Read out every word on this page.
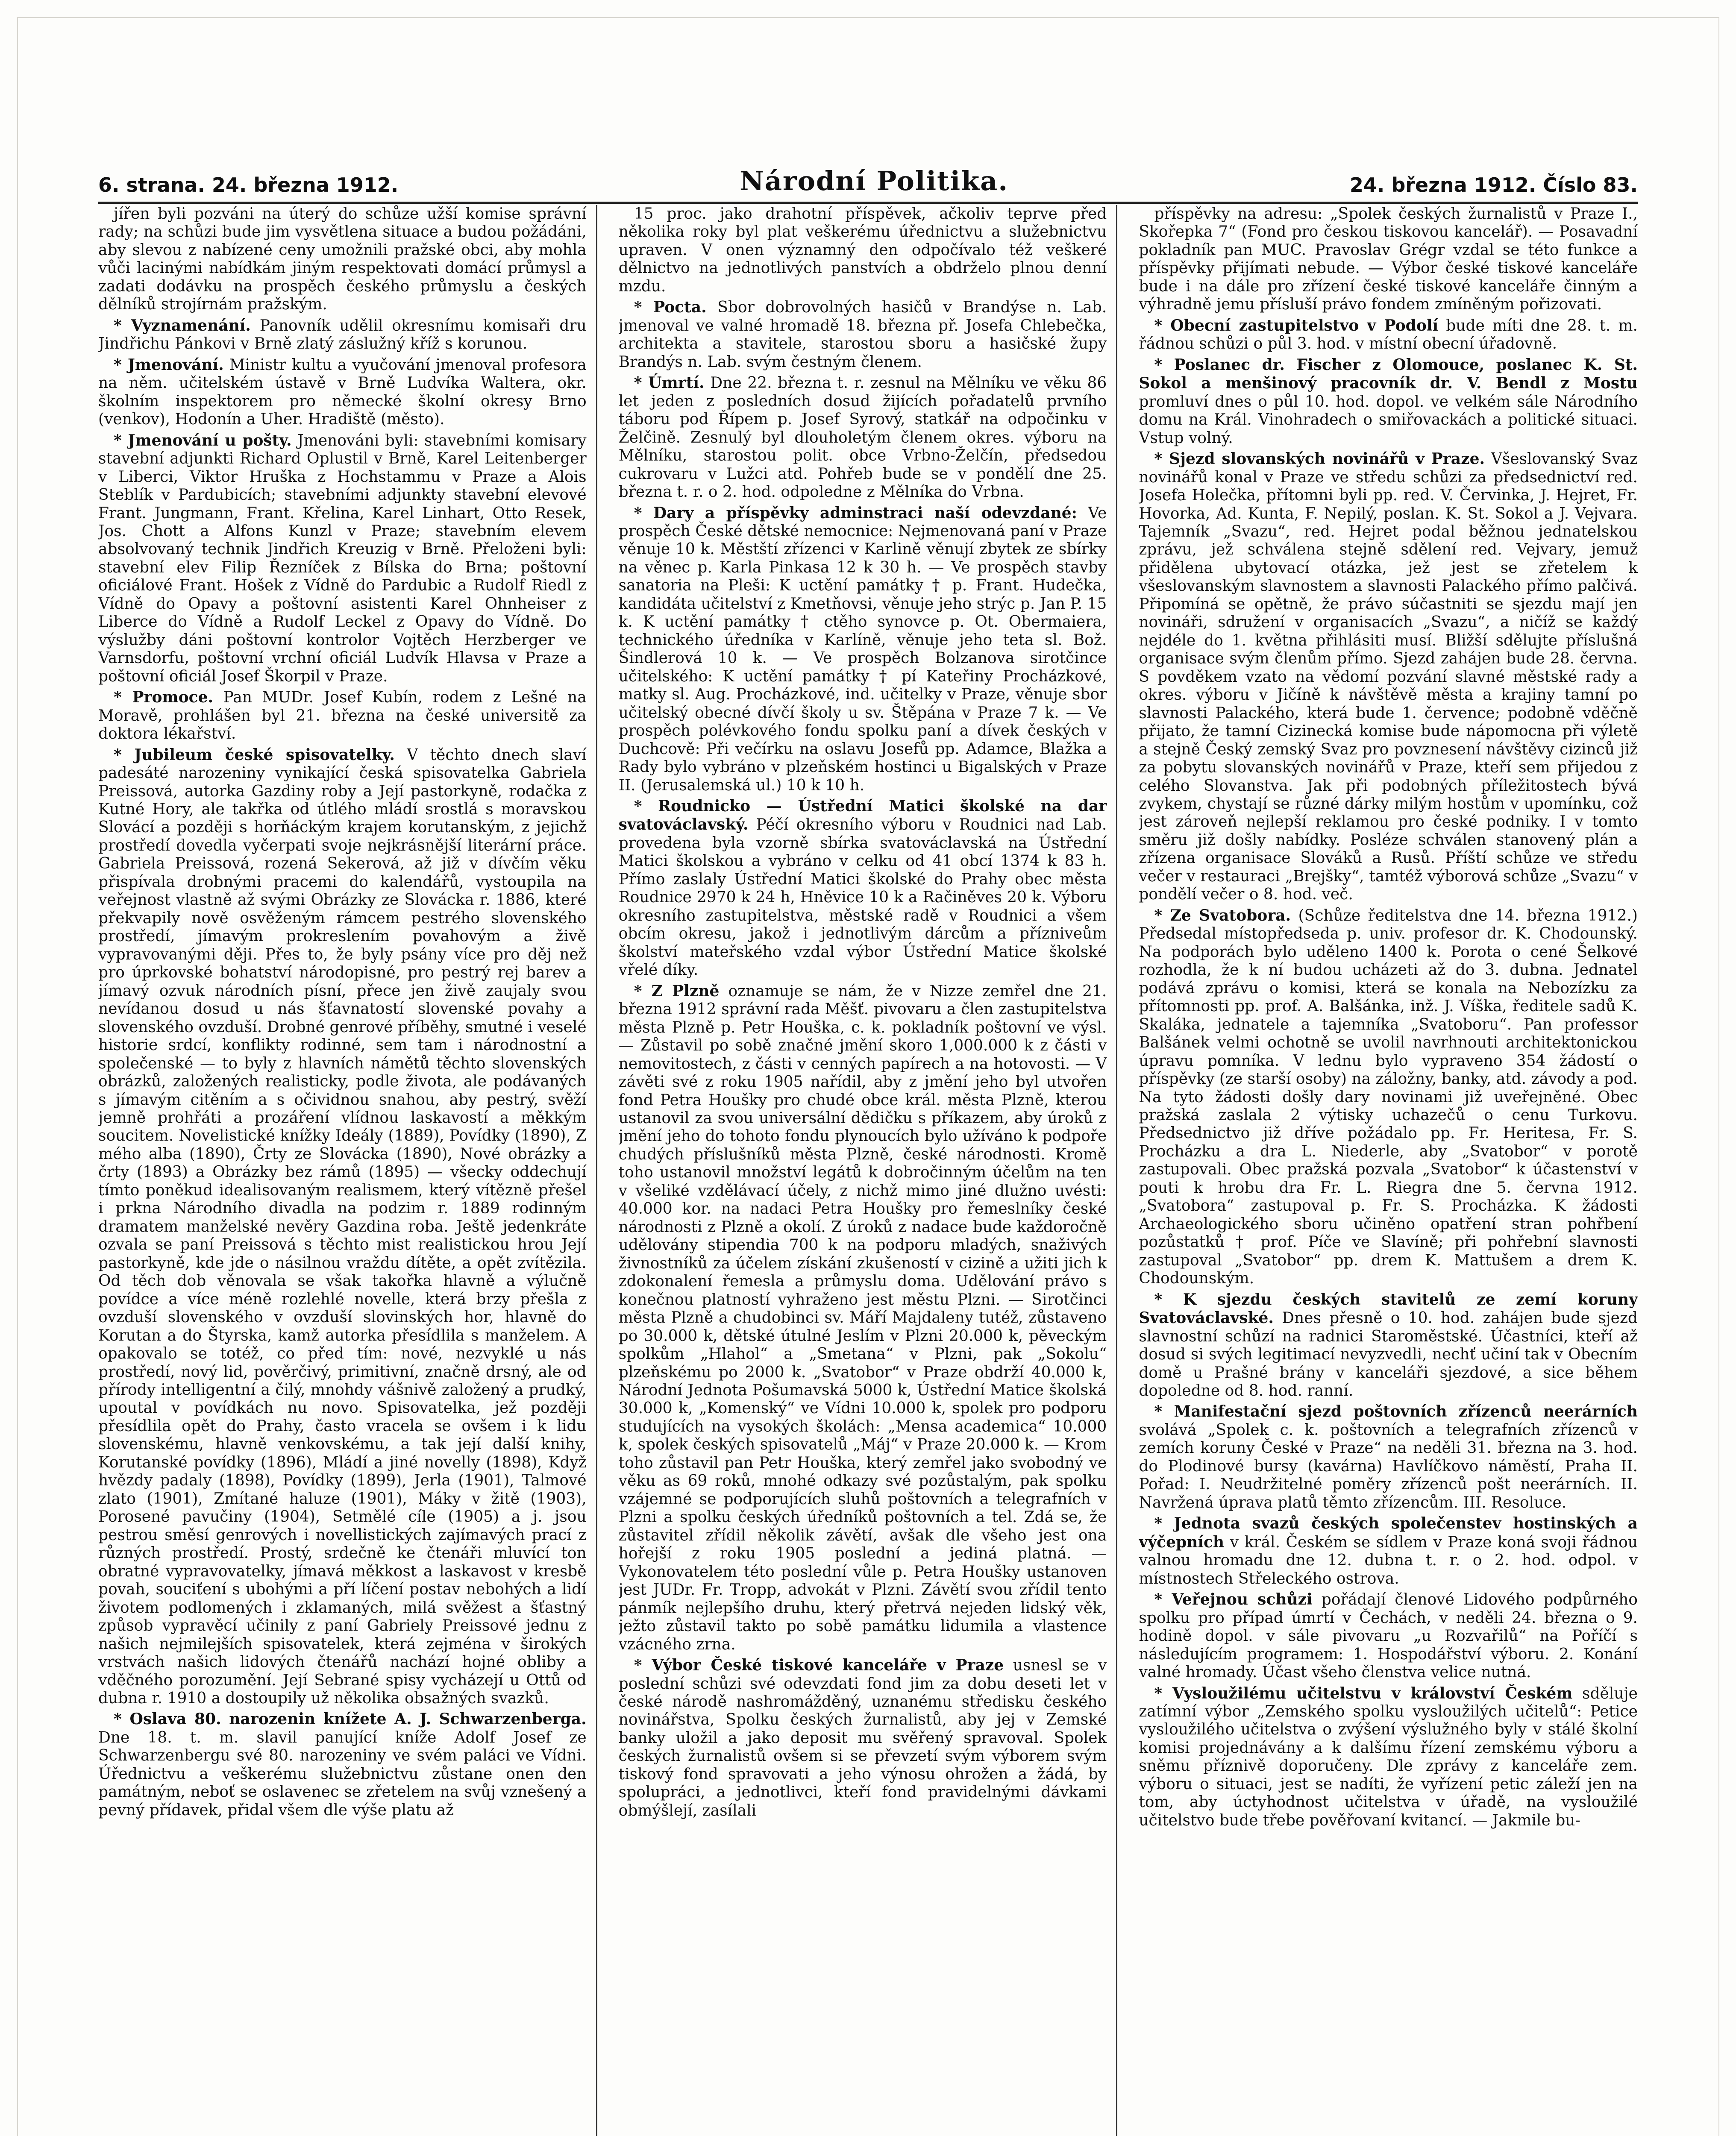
6. strana. 24. března 1912.	Národní Politika.	24. března 1912. Číslo 83.

jířen byli pozváni na úterý do schůze užší komise správní rady; na schůzi bude jim vysvětlena situace a budou požádáni, aby slevou z nabízené ceny umožnili pražské obci, aby mohla vůči lacinými nabídkám jiným respektovati domácí průmysl a zadati dodávku na prospěch českého průmyslu a českých dělníků strojírnám pražským.

* Vyznamenání. Panovník udělil okresnímu komisaři dru Jindřichu Pánkovi v Brně zlatý záslužný kříž s korunou.

* Jmenování. Ministr kultu a vyučování jmenoval profesora na něm. učitelském ústavě v Brně Ludvíka Waltera, okr. školním inspektorem pro německé školní okresy Brno (venkov), Hodonín a Uher. Hradiště (město).

* Jmenování u pošty. Jmenováni byli: stavebními komisary stavební adjunkti Richard Oplustil v Brně, Karel Leitenberger v Liberci, Viktor Hruška z Hochstammu v Praze a Alois Steblík v Pardubicích; stavebními adjunkty stavební elevové Frant. Jungmann, Frant. Křelina, Karel Linhart, Otto Resek, Jos. Chott a Alfons Kunzl v Praze; stavebním elevem absolvovaný technik Jindřich Kreuzig v Brně. Přeloženi byli: stavební elev Filip Řezníček z Bílska do Brna; poštovní oficiálové Frant. Hošek z Vídně do Pardubic a Rudolf Riedl z Vídně do Opavy a poštovní asistenti Karel Ohnheiser z Liberce do Vídně a Rudolf Leckel z Opavy do Vídně. Do výslužby dáni poštovní kontrolor Vojtěch Herzberger ve Varnsdorfu, poštovní vrchní oficiál Ludvík Hlavsa v Praze a poštovní oficiál Josef Škorpil v Praze.

* Promoce. Pan MUDr. Josef Kubín, rodem z Lešné na Moravě, prohlášen byl 21. března na české universitě za doktora lékařství.

* Jubileum české spisovatelky. V těchto dnech slaví padesáté narozeniny vynikající česká spisovatelka Gabriela Preissová, autorka Gazdiny roby a Její pastorkyně, rodačka z Kutné Hory, ale takřka od útlého mládí srostlá s moravskou Slovácí a později s horňáckým krajem korutanským, z jejichž prostředí dovedla vyčerpati svoje nejkrásnější literární práce. Gabriela Preissová, rozená Sekerová, až již v dívčím věku přispívala drobnými pracemi do kalendářů, vystoupila na veřejnost vlastně až svými Obrázky ze Slovácka r. 1886, které překvapily nově osvěženým rámcem pestrého slovenského prostředí, jímavým prokreslením povahovým a živě vypravovanými ději. Přes to, že byly psány více pro děj než pro úprkovské bohatství národopisné, pro pestrý rej barev a jímavý ozvuk národních písní, přece jen živě zaujaly svou nevídanou dosud u nás šťavnatostí slovenské povahy a slovenského ovzduší. Drobné genrové příběhy, smutné i veselé historie srdcí, konflikty rodinné, sem tam i národnostní a společenské — to byly z hlavních námětů těchto slovenských obrázků, založených realisticky, podle života, ale podávaných s jímavým citěním a s očividnou snahou, aby pestrý, svěží jemně prohřáti a prozáření vlídnou laskavostí a měkkým soucitem. Novelistické knížky Ideály (1889), Povídky (1890), Z mého alba (1890), Črty ze Slovácka (1890), Nové obrázky a črty (1893) a Obrázky bez rámů (1895) — všecky oddechují tímto poněkud idealisovaným realismem, který vítězně přešel i prknа Národního divadla na podzim r. 1889 rodinným dramatem manželské nevěry Gazdina roba. Ještě jedenkráte ozvala se paní Preissová s těchto mist realistickou hrou Její pastorkyně, kde jde o násilnou vraždu dítěte, a opět zvítězila. Od těch dob věnovala se však takořka hlavně a výlučně povídce a více méně rozlehlé novelle, která brzy přešla z ovzduší slovenského v ovzduší slovinských hor, hlavně do Korutan a do Štyrska, kamž autorka přesídlila s manželem. A opakovalo se totéž, co před tím: nové, nezvyklé u nás prostředí, nový lid, pověrčivý, primitivní, značně drsný, ale od přírody intelligentní a čilý, mnohdy vášnivě založený a prudký, upoutal v povídkách nu novo. Spisovatelka, jež později přesídlila opět do Prahy, často vracela se ovšem i k lidu slovenskému, hlavně venkovskému, a tak její další knihy, Korutanské povídky (1896), Mládí a jiné novelly (1898), Když hvězdy padaly (1898), Povídky (1899), Jerla (1901), Talmové zlato (1901), Zmítané haluze (1901), Máky v žitě (1903), Porosené pavučiny (1904), Setmělé cíle (1905) a j. jsou pestrou směsí genrových i novellistických zajímavých prací z různých prostředí. Prostý, srdečně ke čtenáři mluvící ton obratné vypravovatelky, jímavá měkkost a laskavost v kresbě povah, souciťení s ubohými a pří líčení postav nebohých a lidí životem podlomených i zklamaných, milá svěžest a šťastný způsob vypravěcí učinily z paní Gabriely Preissové jednu z našich nejmilejších spisovatelek, která zejména v širokých vrstvách našich lidových čtenářů nachází hojné obliby a vděčného porozumění. Její Sebrané spisy vycházejí u Ottů od dubna r. 1910 a dostoupily už několika obsažných svazků.

* Oslava 80. narozenin knížete A. J. Schwarzenberga. Dne 18. t. m. slavil panující kníže Adolf Josef ze Schwarzenbergu své 80. narozeniny ve svém paláci ve Vídni. Úřednictvu a veškerému služebnictvu zůstane onen den památným, neboť se oslavenec se zřetelem na svůj vznešený a pevný přídavek, přidal všem dle výše platu až

15 proc. jako drahotní příspěvek, ačkoliv teprve před několika roky byl plat veškerému úřednictvu a služebnictvu upraven. V onen významný den odpočívalo též veškeré dělnictvo na jednotlivých panstvích a obdrželo plnou denní mzdu.

* Pocta. Sbor dobrovolných hasičů v Brandýse n. Lab. jmenoval ve valné hromadě 18. března př. Josefa Chlebečka, architekta a stavitele, starostou sboru a hasičské župy Brandýs n. Lab. svým čestným členem.

* Úmrtí. Dne 22. března t. r. zesnul na Mělníku ve věku 86 let jeden z posledních dosud žijících pořadatelů prvního táboru pod Řípem p. Josef Syrový, statkář na odpočinku v Želčině. Zesnulý byl dlouholetým členem okres. výboru na Mělníku, starostou polit. obce Vrbno-Želčín, předsedou cukrovaru v Lužci atd. Pohřeb bude se v pondělí dne 25. března t. r. o 2. hod. odpoledne z Mělníka do Vrbna.

* Dary a příspěvky adminstraci naší odevzdané: Ve prospěch České dětské nemocnice: Nejmenovaná paní v Praze věnuje 10 k. Městští zřízenci v Karlině věnují zbytek ze sbírky na věnec p. Karla Pinkasa 12 k 30 h. — Ve prospěch stavby sanatoria na Pleši: K uctění památky † p. Frant. Hudečka, kandidáta učitelství z Kmetňovsi, věnuje jeho strýc p. Jan P. 15 k. K uctění památky † ctěho synovce p. Ot. Obermaiera, technického úředníka v Karlíně, věnuje jeho teta sl. Bož. Šindlerová 10 k. — Ve prospěch Bolzanova sirotčince učitelského: K uctění památky † pí Kateřiny Procházkové, matky sl. Aug. Procházkové, ind. učitelky v Praze, věnuje sbor učitelský obecné dívčí školy u sv. Štěpána v Praze 7 k. — Ve prospěch polévkového fondu spolku paní a dívek českých v Duchcově: Při večírku na oslavu Josefů pp. Adamce, Blažka a Rady bylo vybráno v plzeňském hostinci u Bigalských v Praze II. (Jerusalemská ul.) 10 k 10 h.

* Roudnicko — Ústřední Matici školské na dar svatováclavský. Péčí okresního výboru v Roudnici nad Lab. provedena byla vzorně sbírka svatováclavská na Ústřední Matici školskou a vybráno v celku od 41 obcí 1374 k 83 h. Přímo zaslaly Ústřední Matici školské do Prahy obec města Roudnice 2970 k 24 h, Hněvice 10 k a Račiněves 20 k. Výboru okresního zastupitelstva, městské radě v Roudnici a všem obcím okresu, jakož i jednotlivým dárcům a přízniveům školství mateřského vzdal výbor Ústřední Matice školské vřelé díky.

* Z Plzně oznamuje se nám, že v Nizze zemřel dne 21. března 1912 správní rada Měšť. pivovaru a člen zastupitelstva města Plzně p. Petr Houška, c. k. pokladník poštovní ve výsl. — Zůstavil po sobě značné jmění skoro 1,000.000 k z části v nemovitostech, z části v cenných papírech a na hotovosti. — V závěti své z roku 1905 nařídil, aby z jmění jeho byl utvořen fond Petra Houšky pro chudé obce král. města Plzně, kterou ustanovil za svou universální dědičku s příkazem, aby úroků z jmění jeho do tohoto fondu plynoucích bylo užíváno k podpoře chudých příslušníků města Plzně, české národnosti. Kromě toho ustanovil množství legátů k dobročinným účelům na ten v všeliké vzdělávací účely, z nichž mimo jiné dlužno uvésti: 40.000 kor. na nadaci Petra Houšky pro řemeslníky české národnosti z Plzně a okolí. Z úroků z nadace bude každoročně udělovány stipendia 700 k na podporu mladých, snaživých živnostníků za účelem získání zkušeností v cizině a užiti jich k zdokonalení řemesla a průmyslu doma. Udělování právo s konečnou platností vyhraženo jest městu Plzni. — Sirotčinci města Plzně a chudobinci sv. Máří Majdaleny tutéž, zůstaveno po 30.000 k, dětské útulné Jeslím v Plzni 20.000 k, pěveckým spolkům „Hlahol“ a „Smetana“ v Plzni, pak „Sokolu“ plzeňskému po 2000 k. „Svatobor“ v Praze obdrží 40.000 k, Národní Jednota Pošumavská 5000 k, Ústřední Matice školská 30.000 k, „Komenský“ ve Vídni 10.000 k, spolek pro podporu studujících na vysokých školách: „Mensa academica“ 10.000 k, spolek českých spisovatelů „Máj“ v Praze 20.000 k. — Krom toho zůstavil pan Petr Houška, který zemřel jako svobodný ve věku as 69 roků, mnohé odkazy své pozůstalým, pak spolku vzájemné se podporujících sluhů poštovních a telegrafních v Plzni a spolku českých úředníků poštovních a tel. Zdá se, že zůstavitel zřídil několik závětí, avšak dle všeho jest ona hořejší z roku 1905 poslední a jediná platná. — Vykonovatelem této poslední vůle p. Petra Houšky ustanoven jest JUDr. Fr. Tropp, advokát v Plzni. Závětí svou zřídil tento pánmík nejlepšího druhu, který přetrvá nejeden lidský věk, ježto zůstavil takto po sobě památku lidumila a vlastence vzácného zrna.

* Výbor České tiskové kanceláře v Praze usnesl se v poslední schůzi své odevzdati fond jim za dobu deseti let v české národě nashromážděný, uznanému středisku českého novinářstva, Spolku českých žurnalistů, aby jej v Zemské banky uložil a jako deposit mu svěřený spravoval. Spolek českých žurnalistů ovšem si se převzetí svým výborem svým tiskový fond spravovati a jeho výnosu ohrožen a žádá, by spolupráci, a jednotlivci, kteří fond pravidelnými dávkami obmýšlejí, zasílali

příspěvky na adresu: „Spolek českých žurnalistů v Praze I., Skořepka 7“ (Fond pro českou tiskovou kancelář). — Posavadní pokladník pan MUC. Pravoslav Grégr vzdal se této funkce a příspěvky přijímati nebude. — Výbor české tiskové kanceláře bude i na dále pro zřízení české tiskové kanceláře činným a výhradně jemu přísluší právo fondem zmíněným pořizovati.

* Obecní zastupitelstvo v Podolí bude míti dne 28. t. m. řádnou schůzi o půl 3. hod. v místní obecní úřadovně.

* Poslanec dr. Fischer z Olomouce, poslanec K. St. Sokol a menšinový pracovník dr. V. Bendl z Mostu promluví dnes o půl 10. hod. dopol. ve velkém sále Národního domu na Král. Vinohradech o smiřovackách a politické situaci. Vstup volný.

* Sjezd slovanských novinářů v Praze. Všeslovanský Svaz novinářů konal v Praze ve středu schůzi za předsednictví red. Josefa Holečka, přítomni byli pp. red. V. Červinka, J. Hejret, Fr. Hovorka, Ad. Kunta, F. Nepilý, poslan. K. St. Sokol a J. Vejvara. Tajemník „Svazu“, red. Hejret podal běžnou jednatelskou zprávu, jež schválena stejně sdělení red. Vejvary, jemuž přidělena ubytovací otázka, jež jest se zřetelem k všeslovanským slavnostem a slavnosti Palackého přímo palčivá. Připomíná se opětně, že právo súčastniti se sjezdu mají jen novináři, sdružení v organisacích „Svazu“, a ničíž se každý nejdéle do 1. května přihlásiti musí. Bližší sdělujte příslušná organisace svým členům přímo. Sjezd zahájen bude 28. června. S povděkem vzato na vědomí pozvání slavné městské rady a okres. výboru v Jičíně k návštěvě města a krajiny tamní po slavnosti Palackého, která bude 1. července; podobně vděčně přijato, že tamní Cizinecká komise bude nápomocna při výletě a stejně Český zemský Svaz pro povznesení návštěvy cizinců již za pobytu slovanských novinářů v Praze, kteří sem přijedou z celého Slovanstva. Jak při podobných příležitostech bývá zvykem, chystají se různé dárky milým hostům v upomínku, což jest zároveň nejlepší reklamou pro české podniky. I v tomto směru již došly nabídky. Posléze schválen stanovený plán a zřízena organisace Slováků a Rusů. Příští schůze ve středu večer v restauraci „Brejšky“, tamtéž výborová schůze „Svazu“ v pondělí večer o 8. hod. več.

* Ze Svatobora. (Schůze ředitelstva dne 14. března 1912.) Předsedal místopředseda p. univ. profesor dr. K. Chodounský. Na podporách bylo uděleno 1400 k. Porota o cené Šelkové rozhodla, že k ní budou ucházeti až do 3. dubna. Jednatel podává zprávu o komisi, která se konala na Nebozízku za přítomnosti pp. prof. A. Balšánka, inž. J. Víška, ředitele sadů K. Skaláka, jednatele a tajemníka „Svatoboru“. Pan professor Balšánek velmi ochotně se uvolil navrhnouti architektonickou úpravu pomníka. V lednu bylo vypraveno 354 žádostí o příspěvky (ze starší osoby) na záložny, banky, atd. závody a pod. Na tyto žádosti došly dary novinami již uveřejněné. Obec pražská zaslala 2 výtisky uchazečů o cenu Turkovu. Předsednictvo již dříve požádalo pp. Fr. Heritesa, Fr. S. Procházku a dra L. Niederle, aby „Svatobor“ v porotě zastupovali. Obec pražská pozvala „Svatobor“ k účastenství v pouti k hrobu dra Fr. L. Riegra dne 5. června 1912. „Svatobora“ zastupoval p. Fr. S. Procházka. K žádosti Archaeologického sboru učiněno opatření stran pohřbení pozůstatků † prof. Píče ve Slavíně; při pohřební slavnosti zastupoval „Svatobor“ pp. drem K. Mattušem a drem K. Chodounským.

* K sjezdu českých stavitelů ze zemí koruny Svatováclavské. Dnes přesně o 10. hod. zahájen bude sjezd slavnostní schůzí na radnici Staroměstské. Účastníci, kteří až dosud si svých legitimací nevyzvedli, nechť učiní tak v Obecním domě u Prašné brány v kanceláři sjezdové, a sice během dopoledne od 8. hod. ranní.

* Manifestační sjezd poštovních zřízenců neerárních svolává „Spolek c. k. poštovních a telegrafních zřízenců v zemích koruny České v Praze“ na neděli 31. března na 3. hod. do Plodinové bursy (kavárna) Havlíčkovo náměstí, Praha II. Pořad: I. Neudržitelné poměry zřízenců pošt neerárních. II. Navržená úprava platů těmto zřízencům. III. Resoluce.

* Jednota svazů českých společenstev hostinských a výčepních v král. Českém se sídlem v Praze koná svoji řádnou valnou hromadu dne 12. dubna t. r. o 2. hod. odpol. v místnostech Střeleckého ostrova.

* Veřejnou schůzi pořádají členové Lidového podpůrného spolku pro případ úmrtí v Čechách, v neděli 24. března o 9. hodině dopol. v sále pivovaru „u Rozvařilů“ na Poříčí s následujícím programem: 1. Hospodářství výboru. 2. Konání valné hromady. Účast všeho členstva velice nutná.

* Vysloužilému učitelstvu v království Českém sděluje zatímní výbor „Zemského spolku vysloužilých učitelů“: Petice vysloužilého učitelstva o zvýšení výslužného byly v stálé školní komisi projednávány a k dalšímu řízení zemskému výboru a sněmu příznivě doporučeny. Dle zprávy z kanceláře zem. výboru o situaci, jest se nadíti, že vyřízení petic záleží jen na tom, aby úctyhodnost učitelstva v úřadě, na vysloužilé učitelstvo bude třebe pověřovaní kvitancí. — Jakmile bu-
